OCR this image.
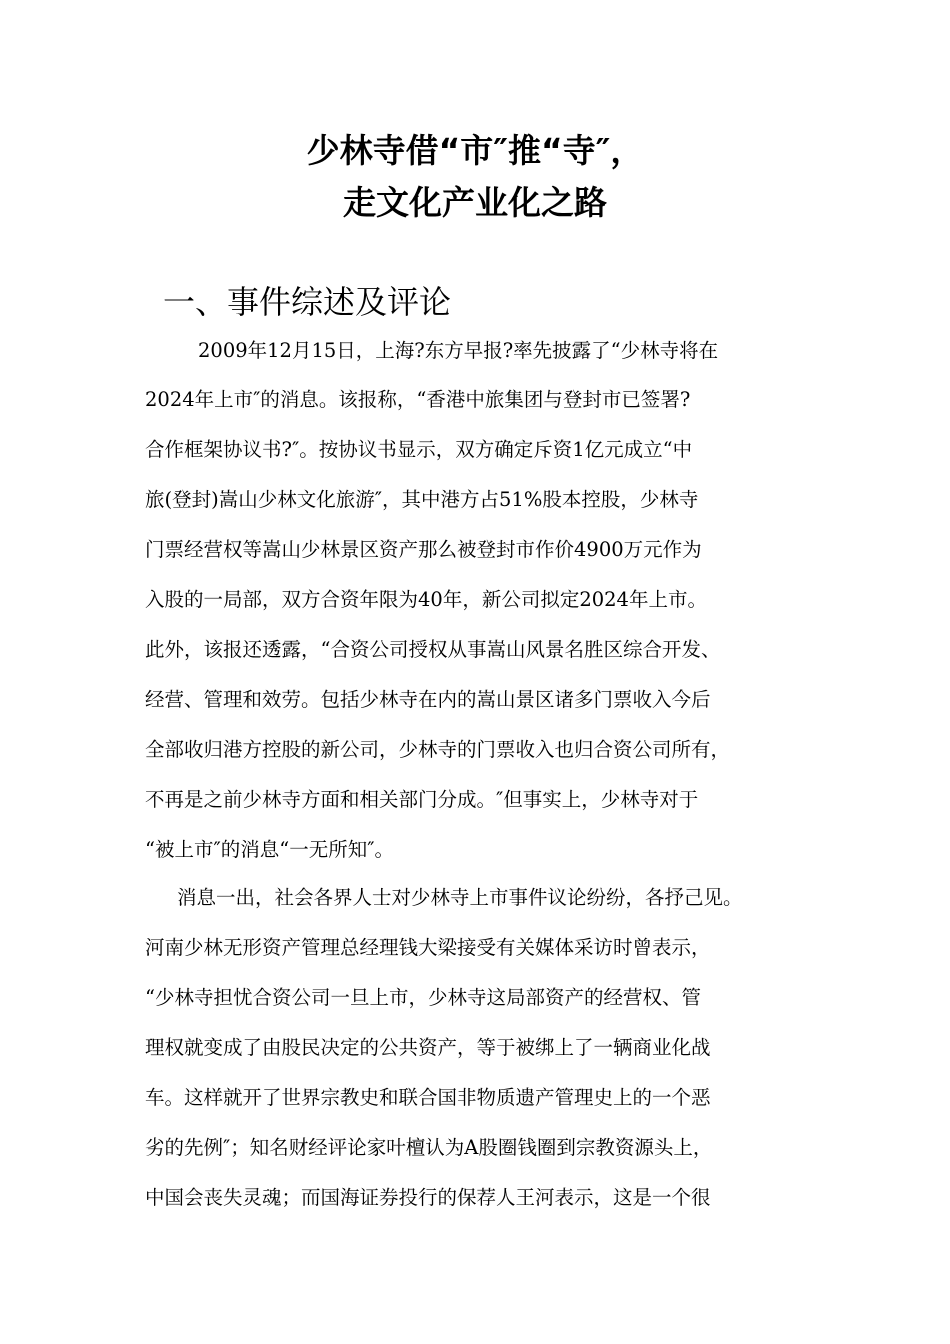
少林寺借“市″推“寺″，
走文化产业化之路
一、事件综述及评论
2009年12月15日，上海?东方早报?率先披露了“少林寺将在
2024年上市″的消息。该报称，“香港中旅集团与登封市已签署?
合作框架协议书?″。按协议书显示，双方确定斥资1亿元成立“中
旅(登封)嵩山少林文化旅游″，其中港方占51%股本控股，少林寺
门票经营权等嵩山少林景区资产那么被登封市作价4900万元作为
入股的一局部，双方合资年限为40年，新公司拟定2024年上市。
此外，该报还透露，“合资公司授权从事嵩山风景名胜区综合开发、
经营、管理和效劳。包括少林寺在内的嵩山景区诸多门票收入今后
全部收归港方控股的新公司，少林寺的门票收入也归合资公司所有，
不再是之前少林寺方面和相关部门分成。″但事实上，少林寺对于
“被上市″的消息“一无所知″。
消息一出，社会各界人士对少林寺上市事件议论纷纷，各抒己见。
河南少林无形资产管理总经理钱大梁接受有关媒体采访时曾表示，
“少林寺担忧合资公司一旦上市，少林寺这局部资产的经营权、管
理权就变成了由股民决定的公共资产，等于被绑上了一辆商业化战
车。这样就开了世界宗教史和联合国非物质遗产管理史上的一个恶
劣的先例″；知名财经评论家叶檀认为A股圈钱圈到宗教资源头上，
中国会丧失灵魂；而国海证券投行的保荐人王河表示，这是一个很
